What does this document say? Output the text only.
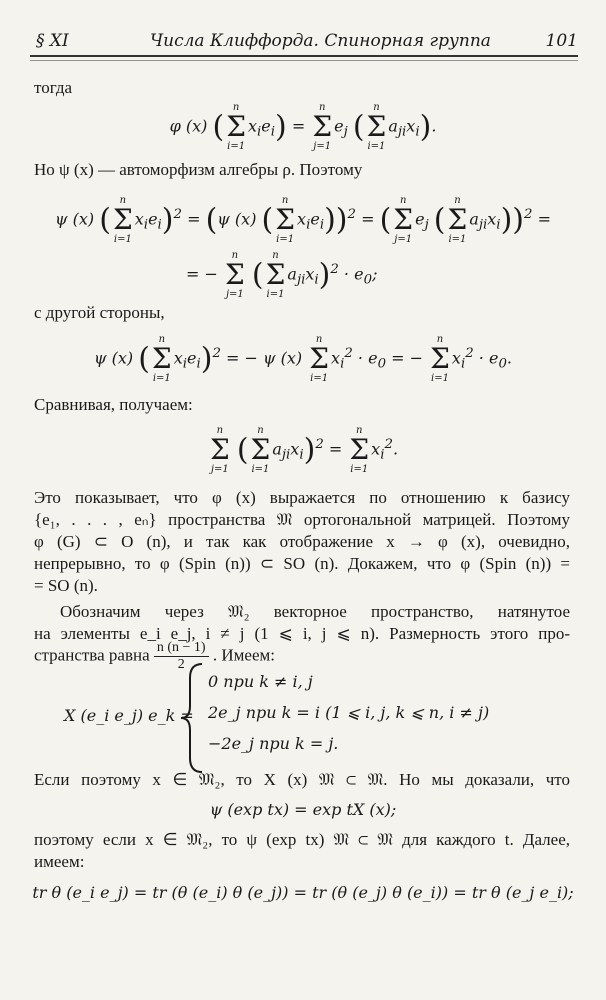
§ XI	Числа Клиффорда. Спинорная группа	101
тогда
φ (x) (
n
Σ
i=1
$x_ie_i$) =
n
Σ
j=1
$e_j$ (
n
Σ
i=1
$a_{ji}x_i$).
Но ψ (x) — автоморфизм алгебры ρ. Поэтому
ψ (x) (
n
Σ
i=1
$x_ie_i)^2 = (\psi$ (x) (
n
Σ
i=1
$x_ie_i))^2$ = (
n
Σ
j=1
$e_j$ (
n
Σ
i=1
$a_{ji}x_i))^2$ =
= −
n
Σ
j=1
(
n
Σ
i=1
$a_{ji}x_i)^2 \cdot e_0$;
с другой стороны,
ψ (x) (
n
Σ
i=1
$x_ie_i)^2$ = − ψ (x)
n
Σ
i=1
$x_i^2 \cdot e_0$ = −
n
Σ
i=1
$x_i^2 \cdot e_0$.
Сравнивая, получаем:
n
Σ
j=1
(
n
Σ
i=1
$a_{ji}x_i)^2$ =
n
Σ
i=1
$x_i^2$.
Это показывает, что φ (x) выражается по отношению к базису
{e₁, . . . , eₙ} пространства 𝔐 ортогональной матрицей. Поэтому
φ (G) ⊂ O (n), и так как отображение x → φ (x), очевидно,
непрерывно, то φ (Spin (n)) ⊂ SO (n). Докажем, что φ (Spin (n)) =
= SO (n).
Обозначим через 𝔐₂ векторное пространство, натянутое
на элементы e_i e_j, i ≠ j (1 ⩽ i, j ⩽ n). Размерность этого про-
странства равна $\frac{n (n - 1)}{2}$ . Имеем:
X (e_i e_j) e_k =
0 при k ≠ i, j
2e_j при k = i (1 ⩽ i, j, k ⩽ n, i ≠ j)
−2e_j при k = j.
Если поэтому x ∈ 𝔐₂, то X (x) 𝔐 ⊂ 𝔐. Но мы доказали, что
ψ (exp tx) = exp tX (x);
поэтому если x ∈ 𝔐₂, то ψ (exp tx) 𝔐 ⊂ 𝔐 для каждого t. Далее,
имеем:
tr θ (e_i e_j) = tr (θ (e_i) θ (e_j)) = tr (θ (e_j) θ (e_i)) = tr θ (e_j e_i);
